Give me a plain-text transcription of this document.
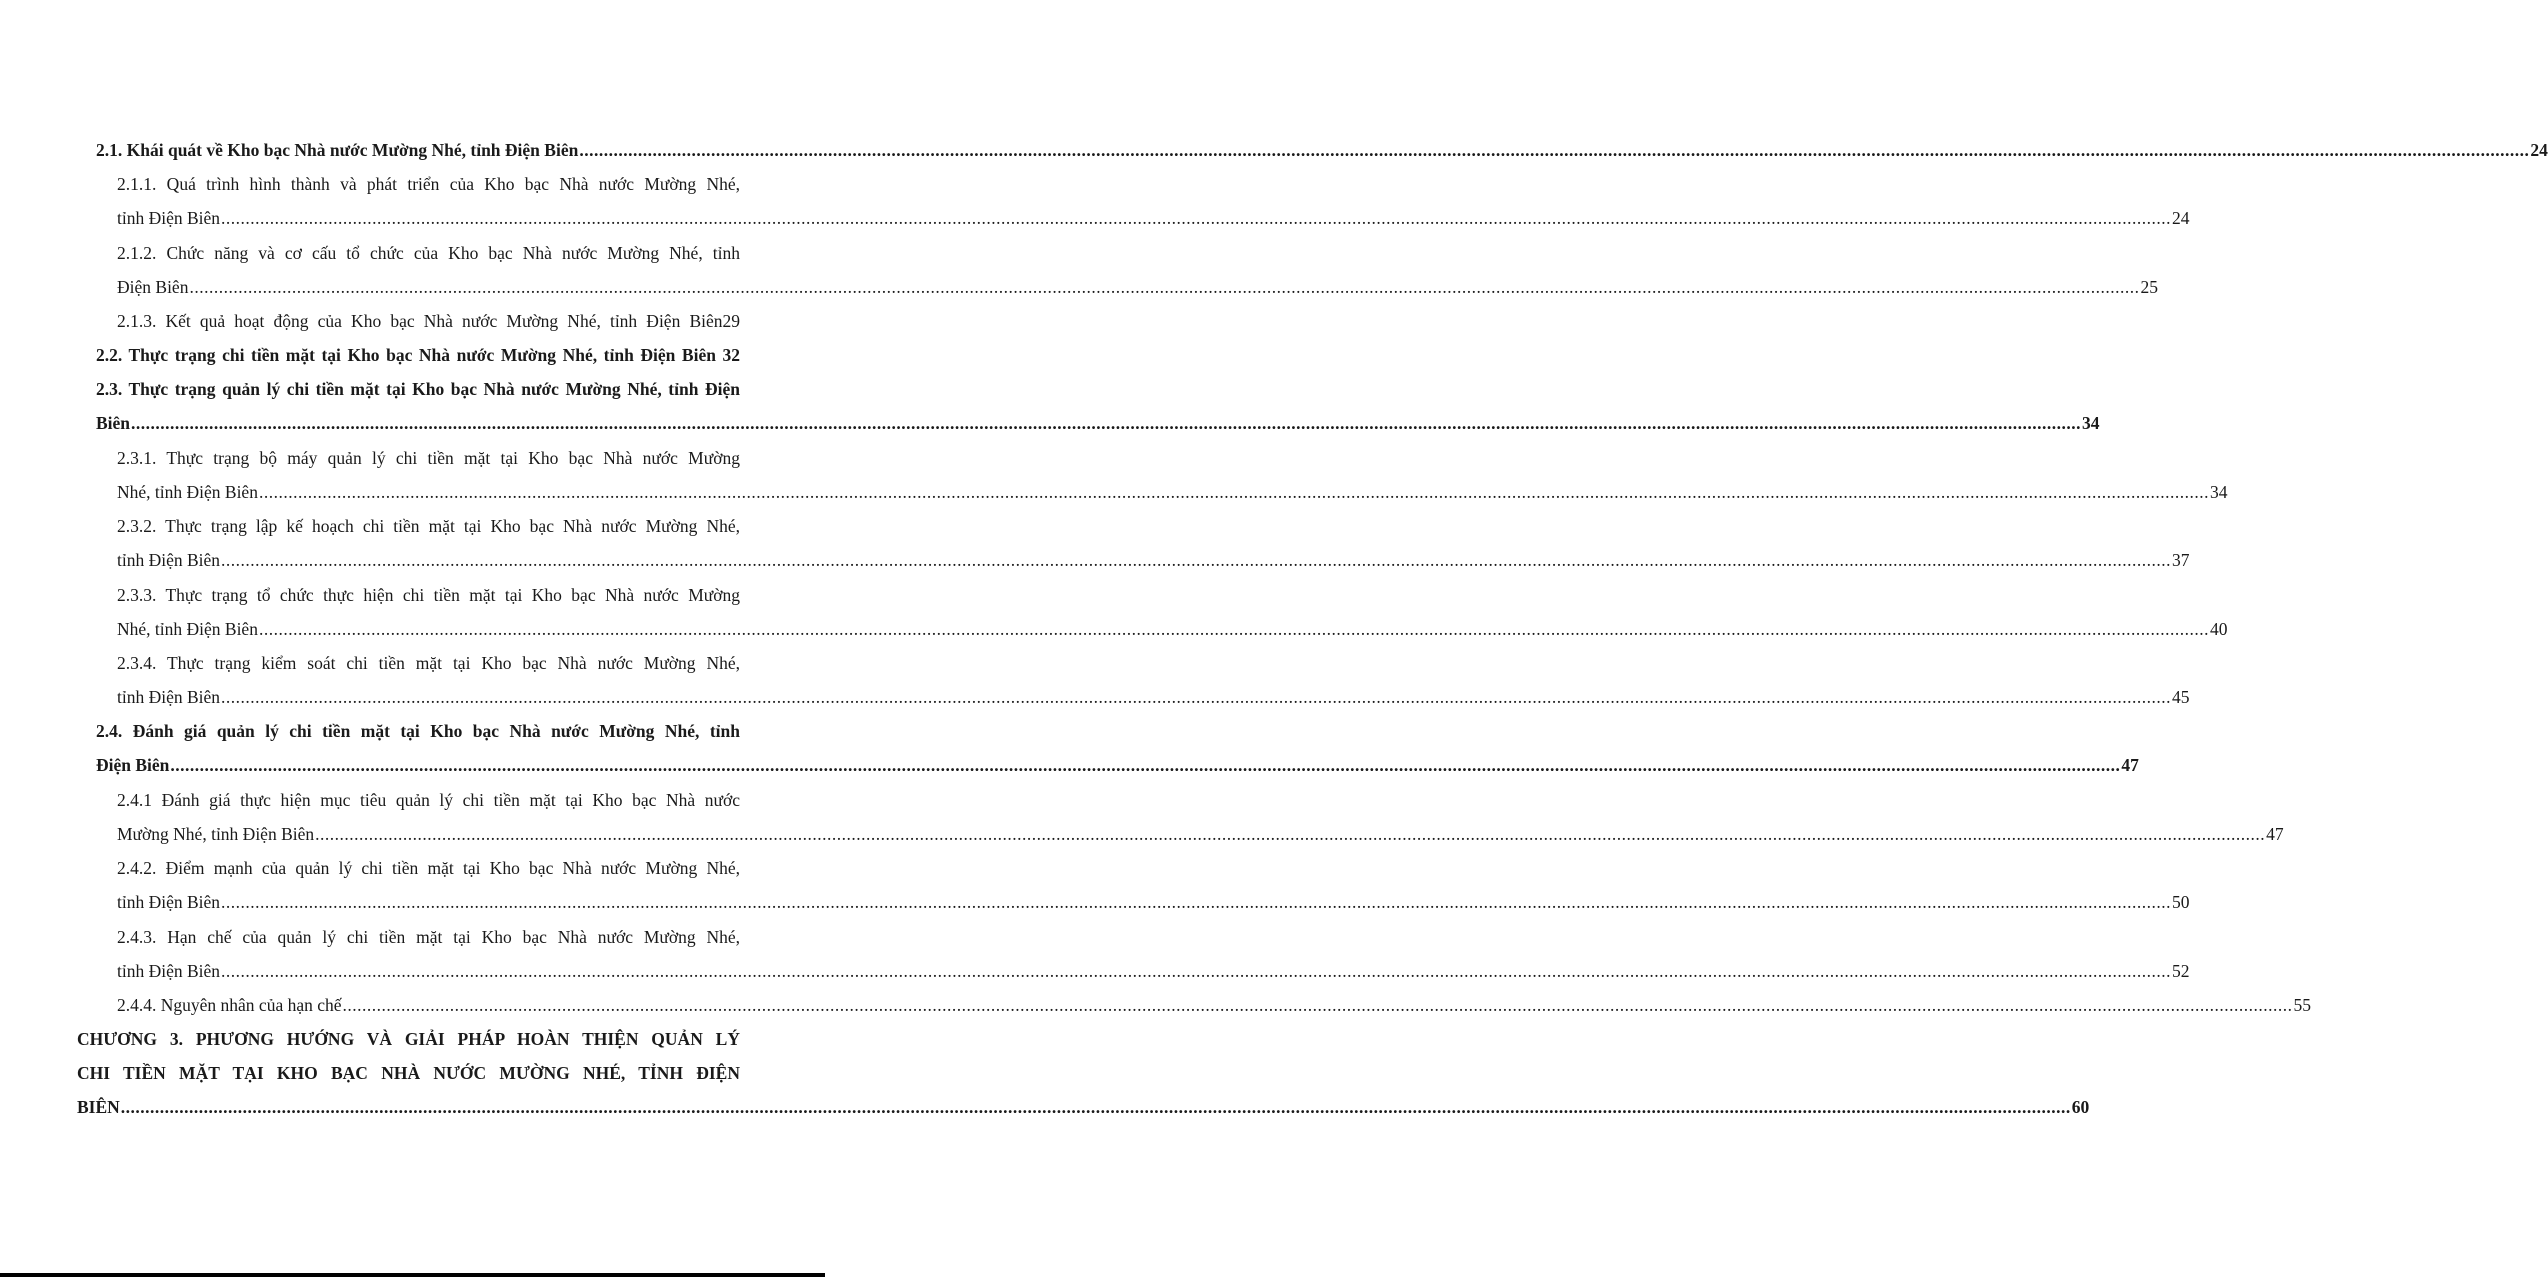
2.1. Khái quát về Kho bạc Nhà nước Mường Nhé, tỉnh Điện Biên ................................................................................................................................................................................................................................................................................................................................................................................................................ 24
2.1.1. Quá trình hình thành và phát triển của Kho bạc Nhà nước Mường Nhé,
tỉnh Điện Biên ................................................................................................................................................................................................................................................................................................................................................................................................................ 24
2.1.2. Chức năng và cơ cấu tổ chức của Kho bạc Nhà nước Mường Nhé, tỉnh
Điện Biên ................................................................................................................................................................................................................................................................................................................................................................................................................ 25
2.1.3. Kết quả hoạt động của Kho bạc Nhà nước Mường Nhé, tỉnh Điện Biên29
2.2. Thực trạng chi tiền mặt tại Kho bạc Nhà nước Mường Nhé, tỉnh Điện Biên 32
2.3. Thực trạng quản lý chi tiền mặt tại Kho bạc Nhà nước Mường Nhé, tỉnh Điện
Biên ................................................................................................................................................................................................................................................................................................................................................................................................................ 34
2.3.1. Thực trạng bộ máy quản lý chi tiền mặt tại Kho bạc Nhà nước Mường
Nhé, tỉnh Điện Biên ................................................................................................................................................................................................................................................................................................................................................................................................................ 34
2.3.2. Thực trạng lập kế hoạch chi tiền mặt tại Kho bạc Nhà nước Mường Nhé,
tỉnh Điện Biên ................................................................................................................................................................................................................................................................................................................................................................................................................ 37
2.3.3. Thực trạng tổ chức thực hiện chi tiền mặt tại Kho bạc Nhà nước Mường
Nhé, tỉnh Điện Biên ................................................................................................................................................................................................................................................................................................................................................................................................................ 40
2.3.4. Thực trạng kiểm soát chi tiền mặt tại Kho bạc Nhà nước Mường Nhé,
tỉnh Điện Biên ................................................................................................................................................................................................................................................................................................................................................................................................................ 45
2.4. Đánh giá quản lý chi tiền mặt tại Kho bạc Nhà nước Mường Nhé, tỉnh
Điện Biên ................................................................................................................................................................................................................................................................................................................................................................................................................ 47
2.4.1 Đánh giá thực hiện mục tiêu quản lý chi tiền mặt tại Kho bạc Nhà nước
Mường Nhé, tỉnh Điện Biên ................................................................................................................................................................................................................................................................................................................................................................................................................ 47
2.4.2. Điểm mạnh của quản lý chi tiền mặt tại Kho bạc Nhà nước Mường Nhé,
tỉnh Điện Biên ................................................................................................................................................................................................................................................................................................................................................................................................................ 50
2.4.3. Hạn chế của quản lý chi tiền mặt tại Kho bạc Nhà nước Mường Nhé,
tỉnh Điện Biên ................................................................................................................................................................................................................................................................................................................................................................................................................ 52
2.4.4. Nguyên nhân của hạn chế ................................................................................................................................................................................................................................................................................................................................................................................................................ 55
CHƯƠNG 3. PHƯƠNG HƯỚNG VÀ GIẢI PHÁP HOÀN THIỆN QUẢN LÝ
CHI TIỀN MẶT TẠI KHO BẠC NHÀ NƯỚC MƯỜNG NHÉ, TỈNH ĐIỆN
BIÊN ................................................................................................................................................................................................................................................................................................................................................................................................................ 60
